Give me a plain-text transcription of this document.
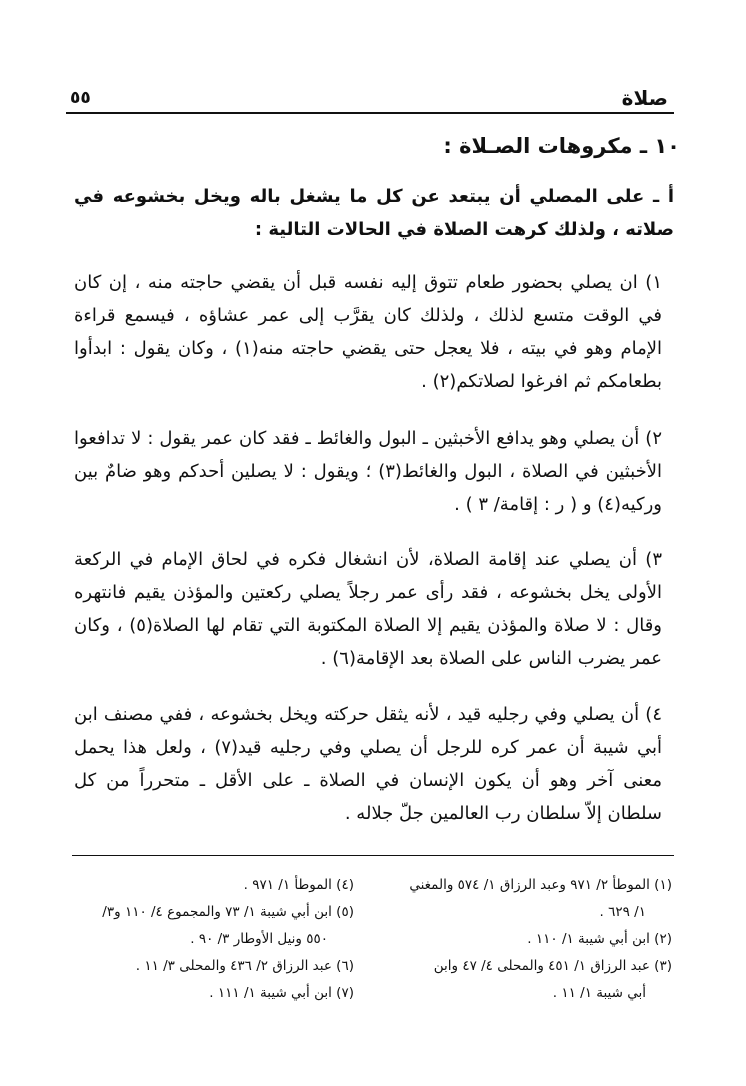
صلاة
٥٥
١٠ ـ مكروهات الصـلاة :
أ ـ على المصلي أن يبتعد عن كل ما يشغل باله ويخل بخشوعه في صلاته ، ولذلك كرهت الصلاة في الحالات التالية :
١) ان يصلي بحضور طعام تتوق إليه نفسه قبل أن يقضي حاجته منه ، إن كان في الوقت متسع لذلك ، ولذلك كان يقرَّب إلى عمر عشاؤه ، فيسمع قراءة الإمام وهو في بيته ، فلا يعجل حتى يقضي حاجته منه(١) ، وكان يقول : ابدأوا بطعامكم ثم افرغوا لصلاتكم(٢) .
٢) أن يصلي وهو يدافع الأخبثين ـ البول والغائط ـ فقد كان عمر يقول : لا تدافعوا الأخبثين في الصلاة ، البول والغائط(٣) ؛ ويقول : لا يصلين أحدكم وهو ضامٌ بين وركيه(٤) و ( ر : إقامة/ ٣ ) .
٣) أن يصلي عند إقامة الصلاة، لأن انشغال فكره في لحاق الإمام في الركعة الأولى يخل بخشوعه ، فقد رأى عمر رجلاً يصلي ركعتين والمؤذن يقيم فانتهره وقال : لا صلاة والمؤذن يقيم إلا الصلاة المكتوبة التي تقام لها الصلاة(٥) ، وكان عمر يضرب الناس على الصلاة بعد الإقامة(٦) .
٤) أن يصلي وفي رجليه قيد ، لأنه يثقل حركته ويخل بخشوعه ، ففي مصنف ابن أبي شيبة أن عمر كره للرجل أن يصلي وفي رجليه قيد(٧) ، ولعل هذا يحمل معنى آخر وهو أن يكون الإنسان في الصلاة ـ على الأقل ـ متحرراً من كل سلطان إلاّ سلطان رب العالمين جلّ جلاله .

(١) الموطأ ٢/ ٩٧١ وعبد الرزاق ١/ ٥٧٤ والمغني

١/ ٦٢٩ .

(٢) ابن أبي شيبة ١/ ١١٠ .

(٣) عبد الرزاق ١/ ٤٥١ والمحلى ٤/ ٤٧ وابن

أبي شيبة ١/ ١١ .

(٤) الموطأ ١/ ٩٧١ .

(٥) ابن أبي شيبة ١/ ٧٣ والمجموع ٤/ ١١٠ و٣/

٥٥٠ ونيل الأوطار ٣/ ٩٠ .

(٦) عبد الرزاق ٢/ ٤٣٦ والمحلى ٣/ ١١ .

(٧) ابن أبي شيبة ١/ ١١١ .
